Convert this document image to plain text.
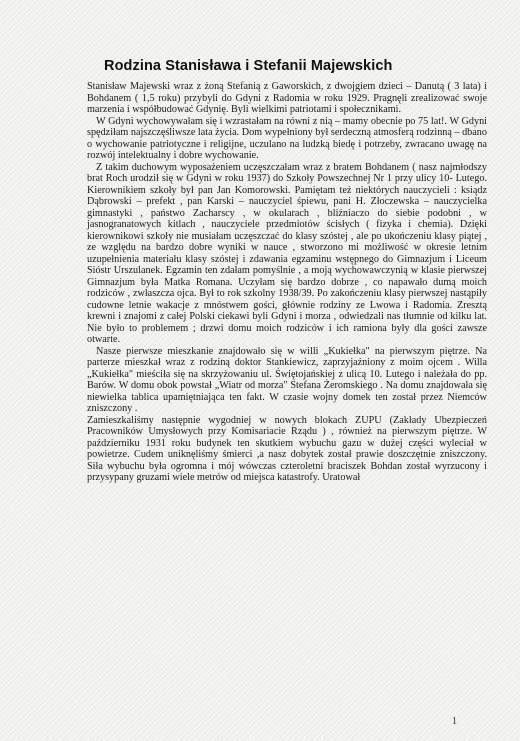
Rodzina Stanisława i Stefanii Majewskich

Stanisław Majewski wraz z żoną Stefanią z Gaworskich, z dwojgiem dzieci – Danutą ( 3 lata) i Bohdanem ( 1,5 roku) przybyli do Gdyni z Radomia w roku 1929. Pragnęli zrealizować swoje marzenia i współbudować Gdynię. Byli wielkimi patriotami i społecznikami.

W Gdyni wychowywałam się i wzrastałam na równi z nią – mamy obecnie po 75 lat!. W Gdyni spędziłam najszczęśliwsze lata życia. Dom wypełniony był serdeczną atmosferą rodzinną – dbano o wychowanie patriotyczne i religijne, uczulano na ludzką biedę i potrzeby, zwracano uwagę na rozwój intelektualny i dobre wychowanie.

Z takim duchowym wyposażeniem uczęszczałam wraz z bratem Bohdanem ( nasz najmłodszy brat Roch urodził się w Gdyni w roku 1937) do Szkoły Powszechnej Nr 1 przy ulicy 10- Lutego. Kierownikiem szkoły był pan Jan Komorowski. Pamiętam też niektórych nauczycieli : ksiądz Dąbrowski – prefekt , pan Karski – nauczyciel śpiewu, pani H. Złoczewska – nauczycielka gimnastyki , państwo Zacharscy , w okularach , bliźniaczo do siebie podobni , w jasnogranatowych kitlach , nauczyciele przedmiotów ścisłych ( fizyka i chemia). Dzięki kierownikowi szkoły nie musiałam uczęszczać do klasy szóstej , ale po ukończeniu klasy piątej , ze względu na bardzo dobre wyniki w nauce , stworzono mi możliwość w okresie letnim uzupełnienia materiału klasy szóstej i zdawania egzaminu wstępnego do Gimnazjum i Liceum Sióstr Urszulanek. Egzamin ten zdałam pomyślnie , a moją wychowawczynią w klasie pierwszej Gimnazjum była Matka Romana. Uczyłam się bardzo dobrze , co napawało dumą moich rodziców , zwłaszcza ojca. Był to rok szkolny 1938/39. Po zakończeniu klasy pierwszej nastąpiły cudowne letnie wakacje z mnóstwem gości, głównie rodziny ze Lwowa i Radomia. Zresztą krewni i znajomi z całej Polski ciekawi byli Gdyni i morza , odwiedzali nas tłumnie od kilku lat. Nie było to problemem ; drzwi domu moich rodziców i ich ramiona były dla gości zawsze otwarte.

Nasze pierwsze mieszkanie znajdowało się w willi „Kukiełka" na pierwszym piętrze. Na parterze mieszkał wraz z rodziną doktor Stankiewicz, zaprzyjaźniony z moim ojcem . Willa „Kukiełka" mieściła się na skrzyżowaniu ul. Świętojańskiej z ulicą 10. Lutego i należała do pp. Barów. W domu obok powstał „Wiatr od morza" Stefana Żeromskiego . Na domu znajdowała się niewielka tablica upamiętniająca ten fakt. W czasie wojny domek ten został przez Niemców zniszczony .

Zamieszkaliśmy następnie wygodniej w nowych blokach ZUPU (Zakłady Ubezpieczeń Pracowników Umysłowych przy Komisariacie Rządu ) , również na pierwszym piętrze. W październiku 1931 roku budynek ten skutkiem wybuchu gazu w dużej części wyleciał w powietrze. Cudem uniknęliśmy śmierci ,a nasz dobytek został prawie doszczętnie zniszczony. Siła wybuchu była ogromna i mój wówczas czteroletni braciszek Bohdan został wyrzucony i przysypany gruzami wiele metrów od miejsca katastrofy. Uratował

1
